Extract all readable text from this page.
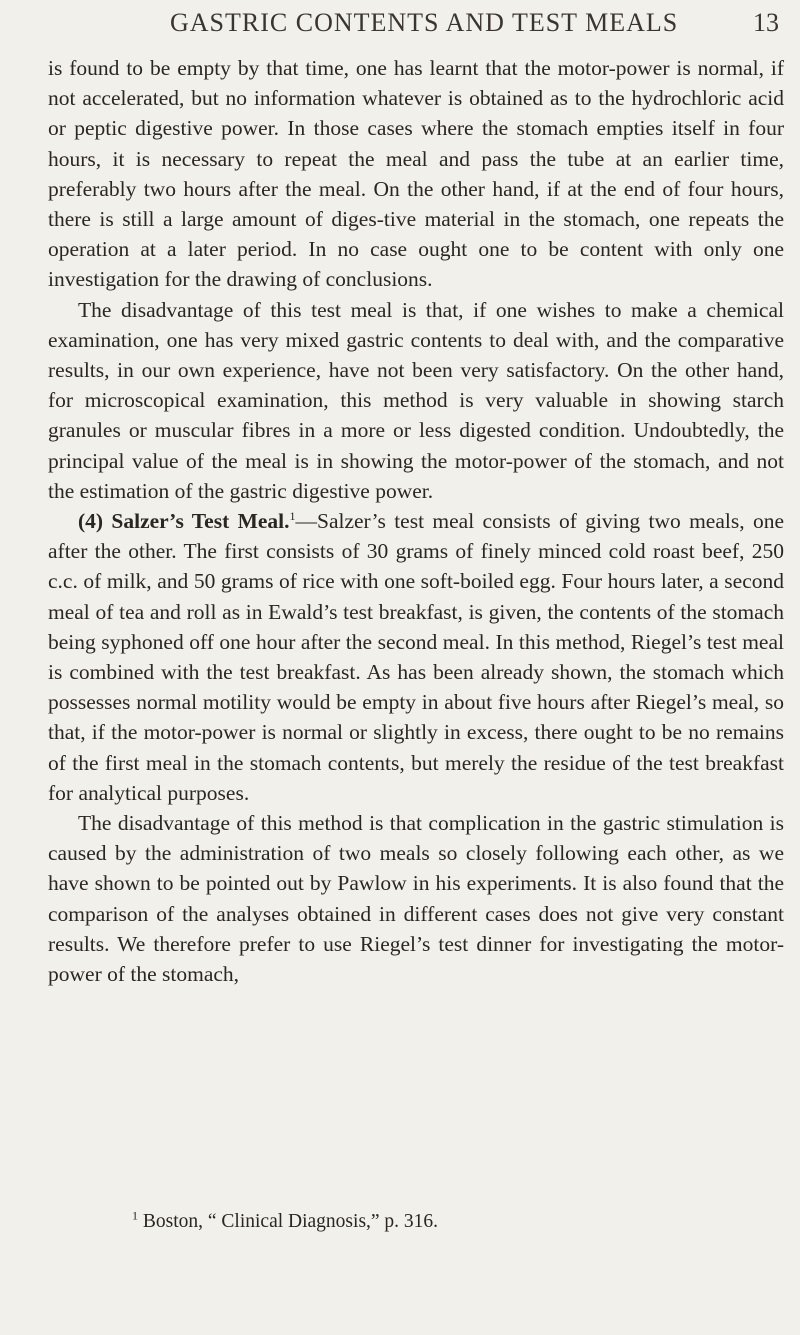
GASTRIC CONTENTS AND TEST MEALS	13

is found to be empty by that time, one has learnt that the motor-power is normal, if not accelerated, but no information whatever is obtained as to the hydrochloric acid or peptic digestive power. In those cases where the stomach empties itself in four hours, it is necessary to repeat the meal and pass the tube at an earlier time, preferably two hours after the meal. On the other hand, if at the end of four hours, there is still a large amount of diges-tive material in the stomach, one repeats the operation at a later period. In no case ought one to be content with only one investigation for the drawing of conclusions.

The disadvantage of this test meal is that, if one wishes to make a chemical examination, one has very mixed gastric contents to deal with, and the comparative results, in our own experience, have not been very satisfactory. On the other hand, for microscopical examination, this method is very valuable in showing starch granules or muscular fibres in a more or less digested condition. Undoubtedly, the principal value of the meal is in showing the motor-power of the stomach, and not the estimation of the gastric digestive power.

(4) Salzer’s Test Meal.$^1$—Salzer’s test meal consists of giving two meals, one after the other. The first consists of 30 grams of finely minced cold roast beef, 250 c.c. of milk, and 50 grams of rice with one soft-boiled egg. Four hours later, a second meal of tea and roll as in Ewald’s test breakfast, is given, the contents of the stomach being syphoned off one hour after the second meal. In this method, Riegel’s test meal is combined with the test breakfast. As has been already shown, the stomach which possesses normal motility would be empty in about five hours after Riegel’s meal, so that, if the motor-power is normal or slightly in excess, there ought to be no remains of the first meal in the stomach contents, but merely the residue of the test breakfast for analytical purposes.

The disadvantage of this method is that complication in the gastric stimulation is caused by the administration of two meals so closely following each other, as we have shown to be pointed out by Pawlow in his experiments. It is also found that the comparison of the analyses obtained in different cases does not give very constant results. We therefore prefer to use Riegel’s test dinner for investigating the motor-power of the stomach,

$^1$ Boston, “ Clinical Diagnosis,” p. 316.
